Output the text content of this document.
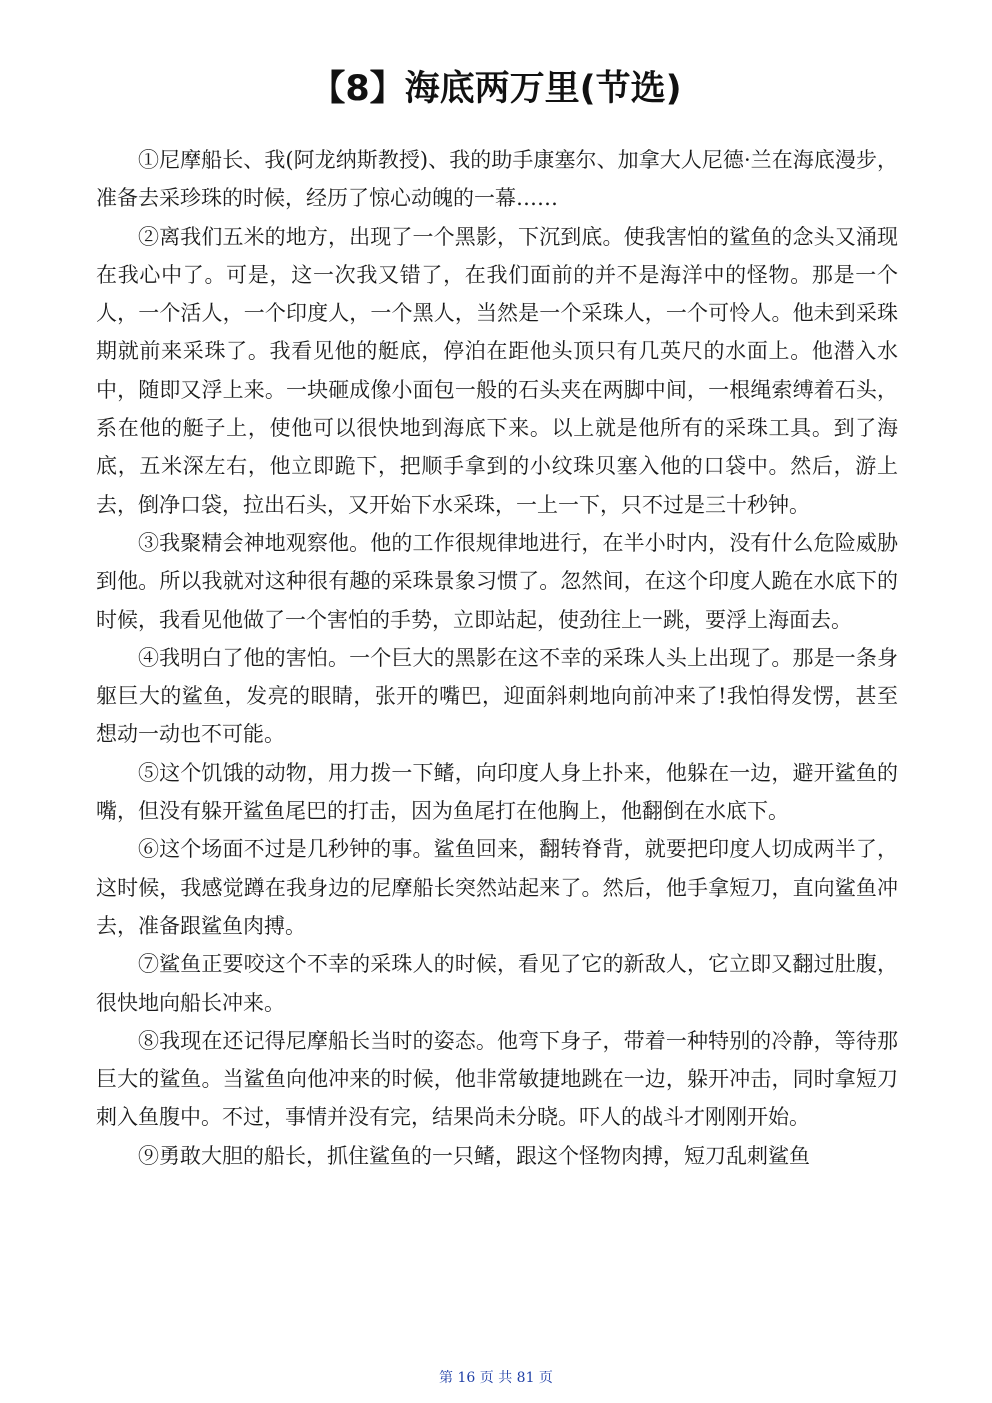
【8】海底两万里(节选)

①尼摩船长、我(阿龙纳斯教授)、我的助手康塞尔、加拿大人尼德·兰在海底漫步，准备去采珍珠的时候，经历了惊心动魄的一幕……

②离我们五米的地方，出现了一个黑影，下沉到底。使我害怕的鲨鱼的念头又涌现在我心中了。可是，这一次我又错了，在我们面前的并不是海洋中的怪物。那是一个人，一个活人，一个印度人，一个黑人，当然是一个采珠人，一个可怜人。他未到采珠期就前来采珠了。我看见他的艇底，停泊在距他头顶只有几英尺的水面上。他潜入水中，随即又浮上来。一块砸成像小面包一般的石头夹在两脚中间，一根绳索缚着石头，系在他的艇子上，使他可以很快地到海底下来。以上就是他所有的采珠工具。到了海底，五米深左右，他立即跪下，把顺手拿到的小纹珠贝塞入他的口袋中。然后，游上去，倒净口袋，拉出石头，又开始下水采珠，一上一下，只不过是三十秒钟。

③我聚精会神地观察他。他的工作很规律地进行，在半小时内，没有什么危险威胁到他。所以我就对这种很有趣的采珠景象习惯了。忽然间，在这个印度人跪在水底下的时候，我看见他做了一个害怕的手势，立即站起，使劲往上一跳，要浮上海面去。

④我明白了他的害怕。一个巨大的黑影在这不幸的采珠人头上出现了。那是一条身躯巨大的鲨鱼，发亮的眼睛，张开的嘴巴，迎面斜刺地向前冲来了!我怕得发愣，甚至想动一动也不可能。

⑤这个饥饿的动物，用力拨一下鳍，向印度人身上扑来，他躲在一边，避开鲨鱼的嘴，但没有躲开鲨鱼尾巴的打击，因为鱼尾打在他胸上，他翻倒在水底下。

⑥这个场面不过是几秒钟的事。鲨鱼回来，翻转脊背，就要把印度人切成两半了，这时候，我感觉蹲在我身边的尼摩船长突然站起来了。然后，他手拿短刀，直向鲨鱼冲去，准备跟鲨鱼肉搏。

⑦鲨鱼正要咬这个不幸的采珠人的时候，看见了它的新敌人，它立即又翻过肚腹，很快地向船长冲来。

⑧我现在还记得尼摩船长当时的姿态。他弯下身子，带着一种特别的冷静，等待那巨大的鲨鱼。当鲨鱼向他冲来的时候，他非常敏捷地跳在一边，躲开冲击，同时拿短刀刺入鱼腹中。不过，事情并没有完，结果尚未分晓。吓人的战斗才刚刚开始。

⑨勇敢大胆的船长，抓住鲨鱼的一只鳍，跟这个怪物肉搏，短刀乱刺鲨鱼

第 16 页 共 81 页
